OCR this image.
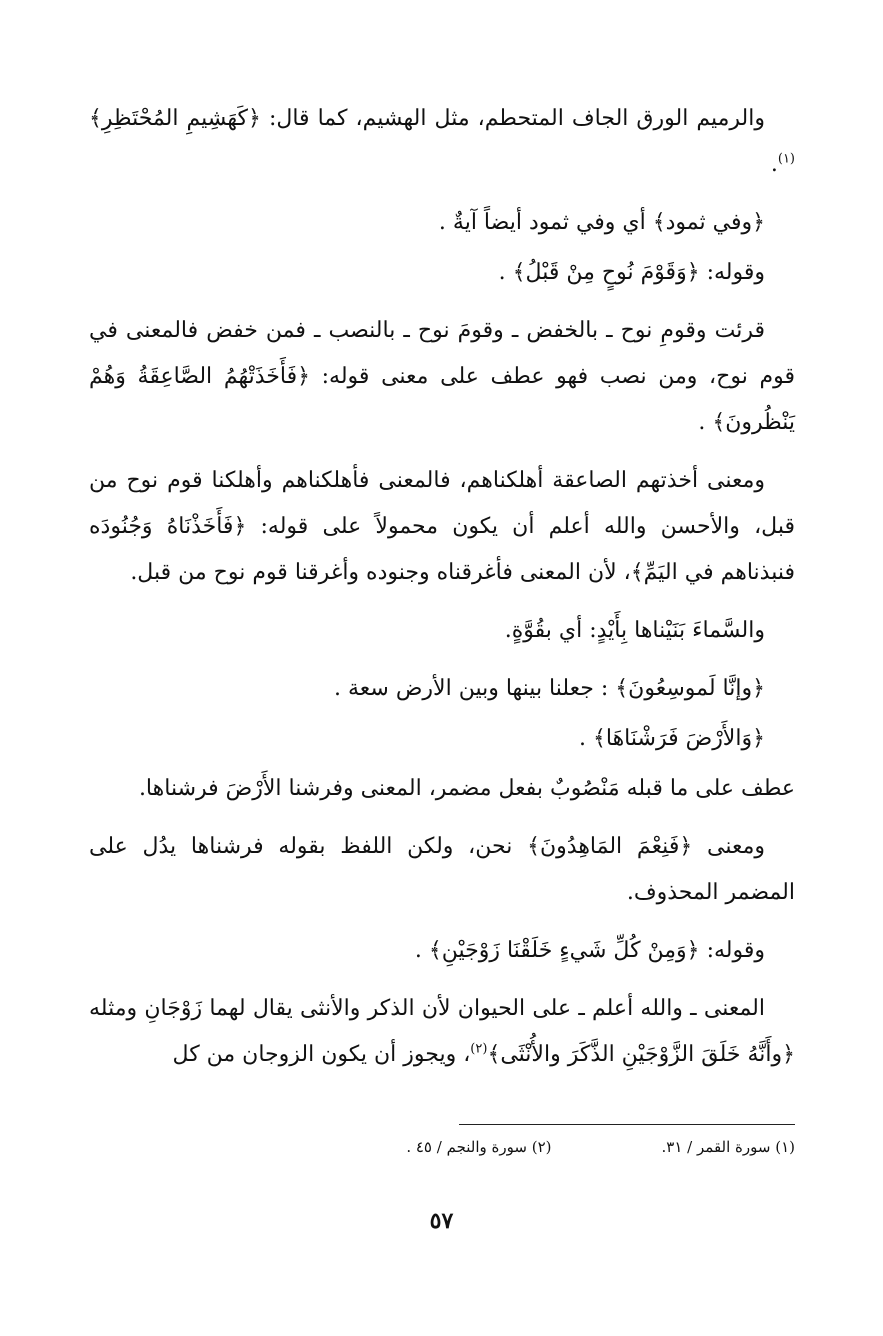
والرميم الورق الجاف المتحطم، مثل الهشيم، كما قال: ﴿كَهَشِيمِ المُحْتَظِرِ﴾$^{(١)}$.

﴿وفي ثمود﴾ أي وفي ثمود أيضاً آيةٌ .

وقوله: ﴿وَقَوْمَ نُوحٍ مِنْ قَبْلُ﴾ .

قرئت وقومِ نوح ـ بالخفض ـ وقومَ نوح ـ بالنصب ـ فمن خفض فالمعنى في قوم نوح، ومن نصب فهو عطف على معنى قوله: ﴿فَأَخَذَتْهُمُ الصَّاعِقَةُ وَهُمْ يَنْظُرونَ﴾ .

ومعنى أخذتهم الصاعقة أهلكناهم، فالمعنى فأهلكناهم وأهلكنا قوم نوح من قبل، والأحسن والله أعلم أن يكون محمولاً على قوله: ﴿فَأَخَذْنَاهُ وَجُنُودَه فنبذناهم في اليَمِّ﴾، لأن المعنى فأغرقناه وجنوده وأغرقنا قوم نوح من قبل.

والسَّماءَ بَنَيْناها بِأَيْدٍ: أي بقُوَّةٍ.

﴿وإنَّا لَموسِعُونَ﴾ : جعلنا بينها وبين الأرض سعة .

﴿وَالأَرْضَ فَرَشْنَاهَا﴾ .

عطف على ما قبله مَنْصُوبٌ بفعل مضمر، المعنى وفرشنا الأَرْضَ فرشناها.

ومعنى ﴿فَنِعْمَ المَاهِدُونَ﴾ نحن، ولكن اللفظ بقوله فرشناها يدُل على المضمر المحذوف.

وقوله: ﴿وَمِنْ كُلِّ شَيءٍ خَلَقْنَا زَوْجَيْنِ﴾ .

المعنى ـ والله أعلم ـ على الحيوان لأن الذكر والأنثى يقال لهما زَوْجَانِ ومثله ﴿وأَنَّهُ خَلَقَ الزَّوْجَيْنِ الذَّكَرَ والأُنْثَى﴾$^{(٢)}$، ويجوز أن يكون الزوجان من كل

(١) سورة القمر / ٣١.
(٢) سورة والنجم / ٤٥ .
٥٧
